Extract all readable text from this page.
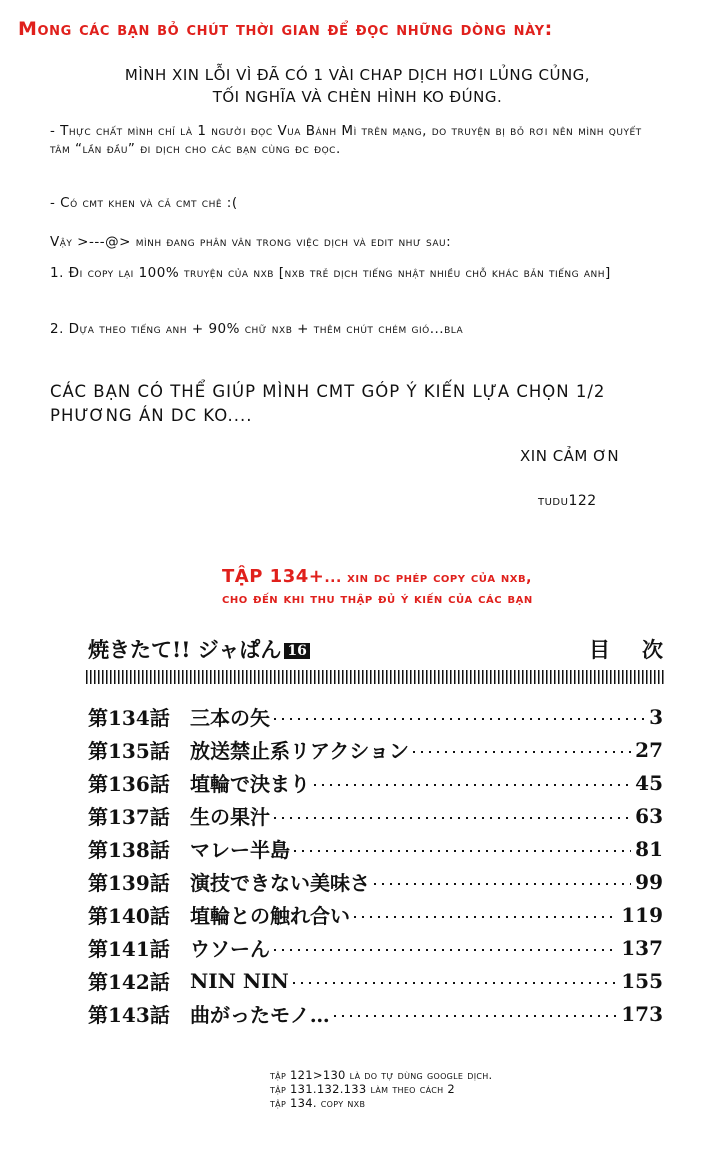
Mong các bạn bỏ chút thời gian để đọc những dòng này:
MÌNH XIN LỖI VÌ ĐÃ CÓ 1 VÀI CHAP DỊCH HƠI LỦNG CỦNG,
TỐI NGHĨA VÀ CHÈN HÌNH KO ĐÚNG.
- Thực chất mình chỉ là 1 người đọc Vua Bánh Mì trên mạng, do truyện bị bỏ rơi nên mình quyết tâm “lần đầu” đi dịch cho các bạn cùng đc đọc.
- Có cmt khen và cả cmt chê :(
Vậy >---@> mình đang phân vân trong việc dịch và edit như sau:
1. Đi copy lại 100% truyện của nxb [nxb trẻ dịch tiếng nhật nhiều chỗ khác bản tiếng anh]
2. Dựa theo tiếng anh + 90% chữ nxb + thêm chút chém gió...bla
CÁC BẠN CÓ THỂ GIÚP MÌNH CMT GÓP Ý KIẾN LỰA CHỌN 1/2 PHƯƠNG ÁN DC KO....
XIN CẢM ƠN
tudu122
TẬP 134+... xin dc phép copy của nxb,
cho đến khi thu thập đủ ý kiến của các bạn
焼きたて!! ジャぱん 16	目次
第134話	三本の矢	3
第135話	放送禁止系リアクション	27
第136話	埴輪で決まり	45
第137話	生の果汁	63
第138話	マレー半島	81
第139話	演技できない美味さ	99
第140話	埴輪との触れ合い	119
第141話	ウソーん	137
第142話	NIN NIN	155
第143話	曲がったモノ…	173
tập 121>130 là do tự dùng google dịch.
tập 131.132.133 làm theo cách 2
tập 134. copy nxb
